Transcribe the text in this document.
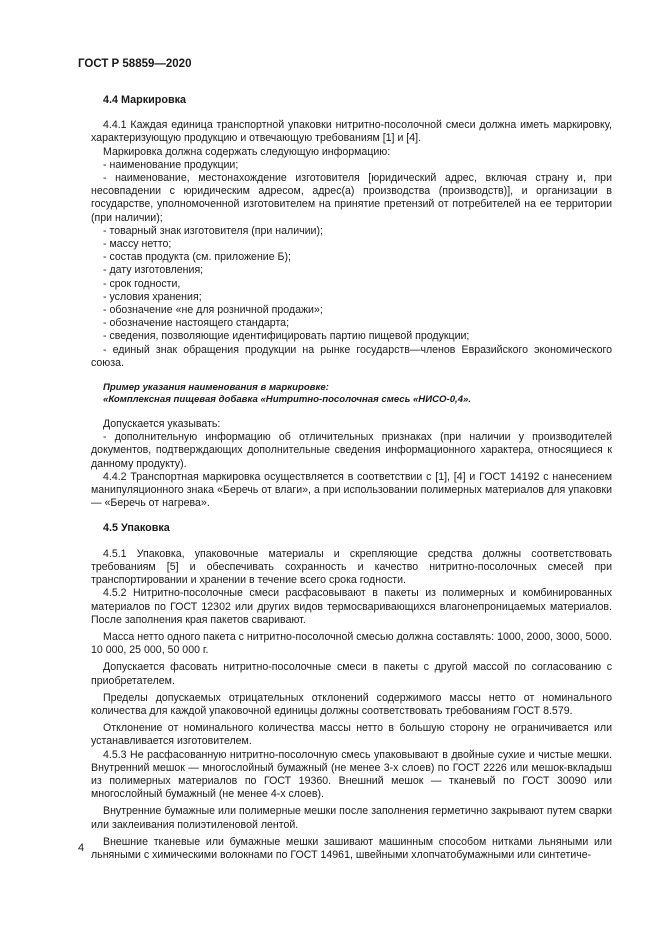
ГОСТ Р 58859—2020

4.4 Маркировка

4.4.1 Каждая единица транспортной упаковки нитритно-посолочной смеси должна иметь маркировку, характеризующую продукцию и отвечающую требованиям [1] и [4].

Маркировка должна содержать следующую информацию:

- наименование продукции;

- наименование, местонахождение изготовителя [юридический адрес, включая страну и, при несовпадении с юридическим адресом, адрес(а) производства (производств)], и организации в государстве, уполномоченной изготовителем на принятие претензий от потребителей на ее территории (при наличии);

- товарный знак изготовителя (при наличии);

- массу нетто;

- состав продукта (см. приложение Б);

- дату изготовления;

- срок годности,

- условия хранения;

- обозначение «не для розничной продажи»;

- обозначение настоящего стандарта;

- сведения, позволяющие идентифицировать партию пищевой продукции;

- единый знак обращения продукции на рынке государств—членов Евразийского экономического союза.

Пример указания наименования в маркировке:

«Комплексная пищевая добавка «Нитритно-посолочная смесь «НИСО-0,4».

Допускается указывать:

- дополнительную информацию об отличительных признаках (при наличии у производителей документов, подтверждающих дополнительные сведения информационного характера, относящиеся к данному продукту).

4.4.2 Транспортная маркировка осуществляется в соответствии с [1], [4] и ГОСТ 14192 с нанесением манипуляционного знака «Беречь от влаги», а при использовании полимерных материалов для упаковки — «Беречь от нагрева».

4.5 Упаковка

4.5.1 Упаковка, упаковочные материалы и скрепляющие средства должны соответствовать требованиям [5] и обеспечивать сохранность и качество нитритно-посолочных смесей при транспортировании и хранении в течение всего срока годности.

4.5.2 Нитритно-посолочные смеси расфасовывают в пакеты из полимерных и комбинированных материалов по ГОСТ 12302 или других видов термосваривающихся влагонепроницаемых материалов. После заполнения края пакетов сваривают.

Масса нетто одного пакета с нитритно-посолочной смесью должна составлять: 1000, 2000, 3000, 5000. 10 000, 25 000, 50 000 г.

Допускается фасовать нитритно-посолочные смеси в пакеты с другой массой по согласованию с приобретателем.

Пределы допускаемых отрицательных отклонений содержимого массы нетто от номинального количества для каждой упаковочной единицы должны соответствовать требованиям ГОСТ 8.579.

Отклонение от номинального количества массы нетто в большую сторону не ограничивается или устанавливается изготовителем.

4.5.3 Не расфасованную нитритно-посолочную смесь упаковывают в двойные сухие и чистые мешки. Внутренний мешок — многослойный бумажный (не менее 3-х слоев) по ГОСТ 2226 или мешок-вкладыш из полимерных материалов по ГОСТ 19360. Внешний мешок — тканевый по ГОСТ 30090 или многослойный бумажный (не менее 4-х слоев).

Внутренние бумажные или полимерные мешки после заполнения герметично закрывают путем сварки или заклеивания полиэтиленовой лентой.

Внешние тканевые или бумажные мешки зашивают машинным способом нитками льняными или льняными с химическими волокнами по ГОСТ 14961, швейными хлопчатобумажными или синтетиче-

4
